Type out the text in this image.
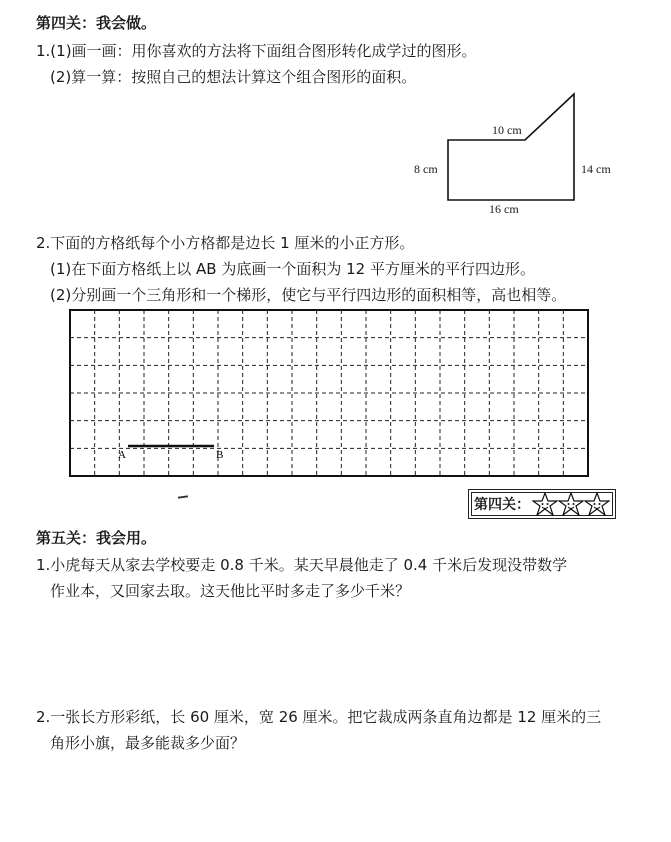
第四关：我会做。
1.(1)画一画：用你喜欢的方法将下面组合图形转化成学过的图形。
(2)算一算：按照自己的想法计算这个组合图形的面积。
10 cm
8 cm	14 cm
16 cm
2.下面的方格纸每个小方格都是边长 1 厘米的小正方形。
(1)在下面方格纸上以 AB 为底画一个面积为 12 平方厘米的平行四边形。
(2)分别画一个三角形和一个梯形，使它与平行四边形的面积相等，高也相等。
A	B
第四关：
第五关：我会用。
1.小虎每天从家去学校要走 0.8 千米。某天早晨他走了 0.4 千米后发现没带数学
作业本，又回家去取。这天他比平时多走了多少千米？
2.一张长方形彩纸，长 60 厘米，宽 26 厘米。把它裁成两条直角边都是 12 厘米的三
角形小旗，最多能裁多少面？
